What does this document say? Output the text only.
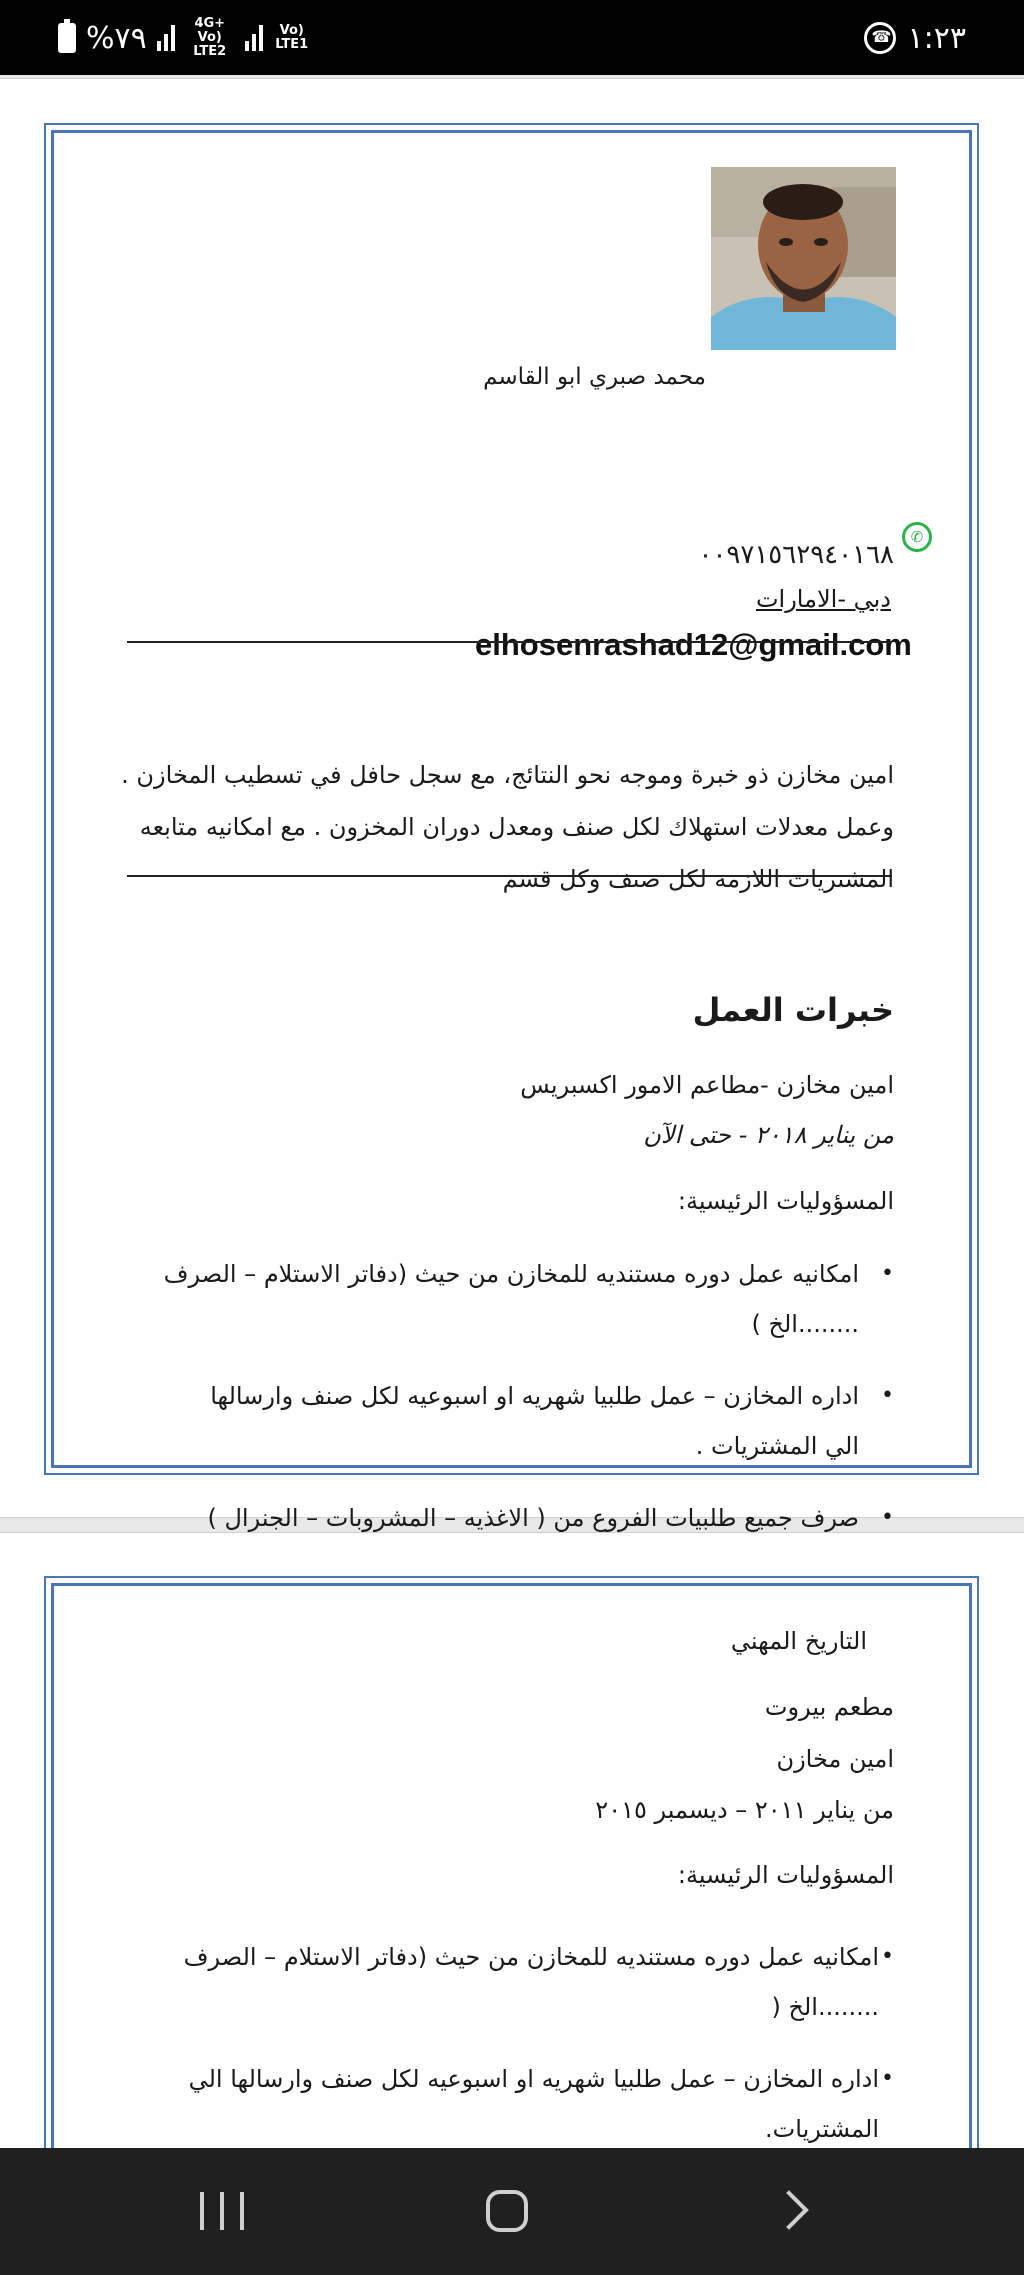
%٧٩	4G+ Vo) LTE2
Vo) LTE1
☎	١:٢٣
محمد صبري ابو القاسم
✆
٠٠٩٧١٥٦٢٩٤٠١٦٨
دبي -الامارات
elhosenrashad12@gmail.com
امين مخازن ذو خبرة وموجه نحو النتائج، مع سجل حافل في تسطيب المخازن . وعمل معدلات استهلاك لكل صنف ومعدل دوران المخزون . مع امكانيه متابعه المشتريات اللازمه لكل صنف وكل قسم
خبرات العمل
امين مخازن -مطاعم الامور اكسبريس
من يناير ٢٠١٨ - حتى الآن
المسؤوليات الرئيسية:
• امكانيه عمل دوره مستنديه للمخازن من حيث (دفاتر الاستلام – الصرف ........الخ )
• اداره المخازن – عمل طلبيا شهريه او اسبوعيه لكل صنف وارسالها الي المشتريات .
• صرف جميع طلبيات الفروع من ( الاغذيه – المشروبات – الجنرال )
التاريخ المهني
مطعم بيروت
امين مخازن
من يناير ٢٠١١ – ديسمبر ٢٠١٥
المسؤوليات الرئيسية:
• امكانيه عمل دوره مستنديه للمخازن من حيث (دفاتر الاستلام – الصرف ........الخ (
• اداره المخازن – عمل طلبيا شهريه او اسبوعيه لكل صنف وارسالها الي المشتريات.
